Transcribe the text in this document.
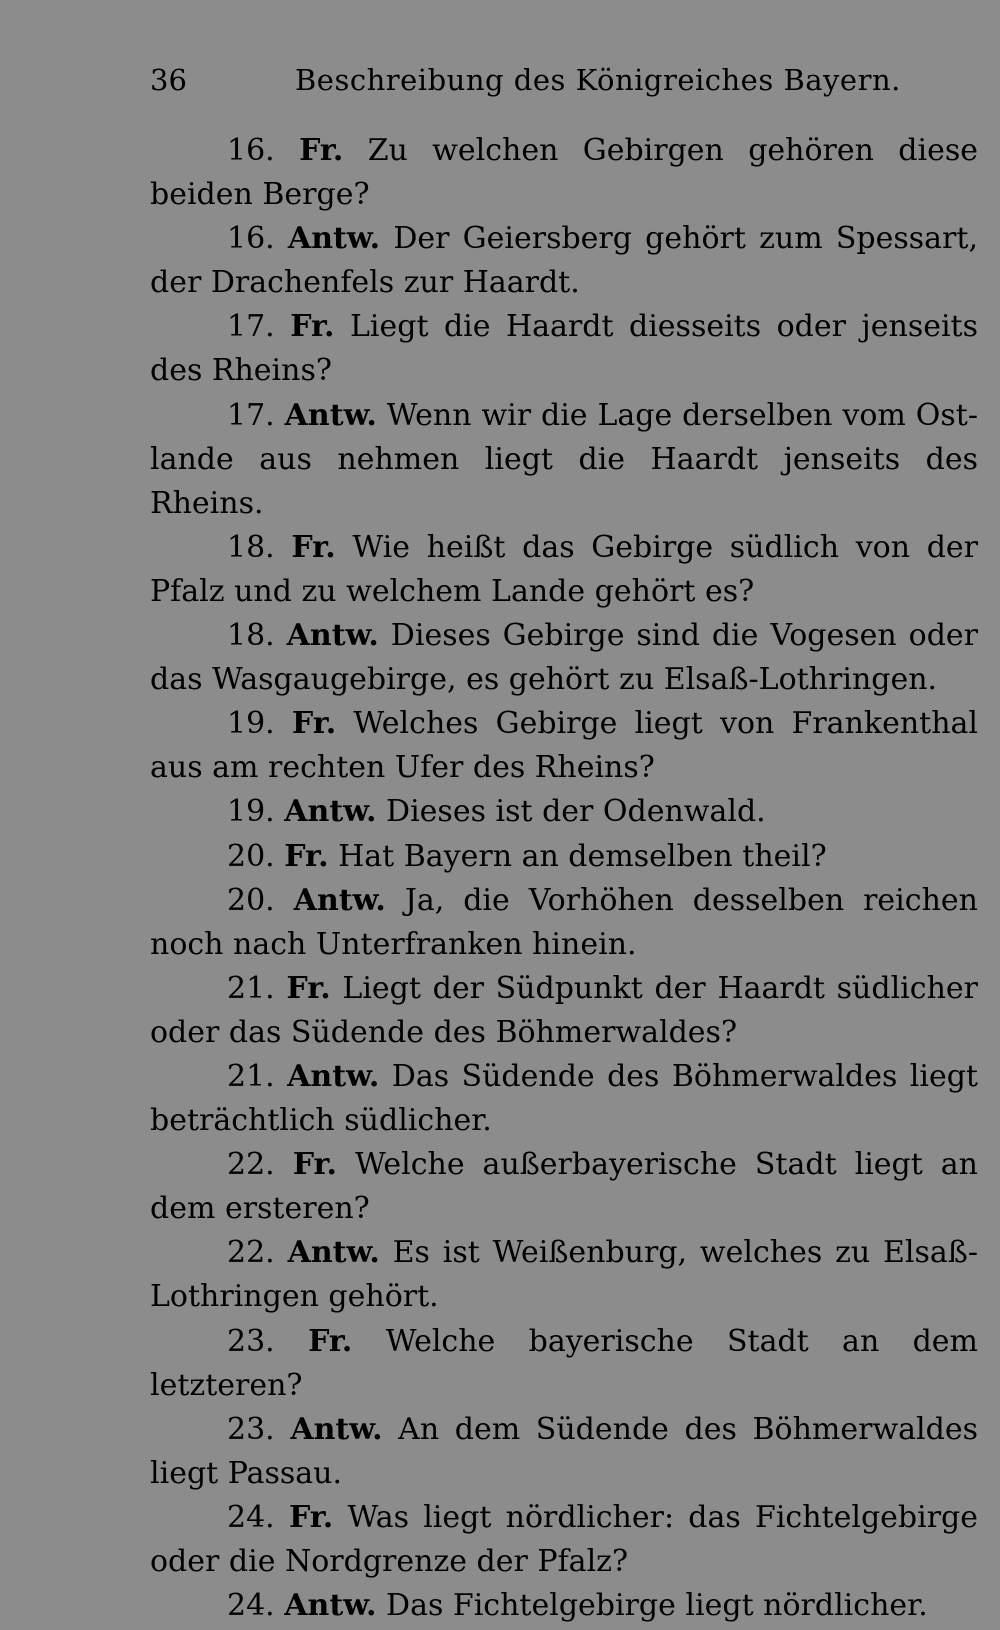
36	Beschreibung des Königreiches Bayern.

16. Fr. Zu welchen Gebirgen gehören diese beiden Berge?

16. Antw. Der Geiersberg gehört zum Spessart, der Drachenfels zur Haardt.

17. Fr. Liegt die Haardt diesseits oder jenseits des Rheins?

17. Antw. Wenn wir die Lage derselben vom Ost-lande aus nehmen liegt die Haardt jenseits des Rheins.

18. Fr. Wie heißt das Gebirge südlich von der Pfalz und zu welchem Lande gehört es?

18. Antw. Dieses Gebirge sind die Vogesen oder das Wasgaugebirge, es gehört zu Elsaß-Lothringen.

19. Fr. Welches Gebirge liegt von Frankenthal aus am rechten Ufer des Rheins?

19. Antw. Dieses ist der Odenwald.

20. Fr. Hat Bayern an demselben theil?

20. Antw. Ja, die Vorhöhen desselben reichen noch nach Unterfranken hinein.

21. Fr. Liegt der Südpunkt der Haardt südlicher oder das Südende des Böhmerwaldes?

21. Antw. Das Südende des Böhmerwaldes liegt beträchtlich südlicher.

22. Fr. Welche außerbayerische Stadt liegt an dem ersteren?

22. Antw. Es ist Weißenburg, welches zu Elsaß-Lothringen gehört.

23. Fr. Welche bayerische Stadt an dem letzteren?

23. Antw. An dem Südende des Böhmerwaldes liegt Passau.

24. Fr. Was liegt nördlicher: das Fichtelgebirge oder die Nordgrenze der Pfalz?

24. Antw. Das Fichtelgebirge liegt nördlicher.
